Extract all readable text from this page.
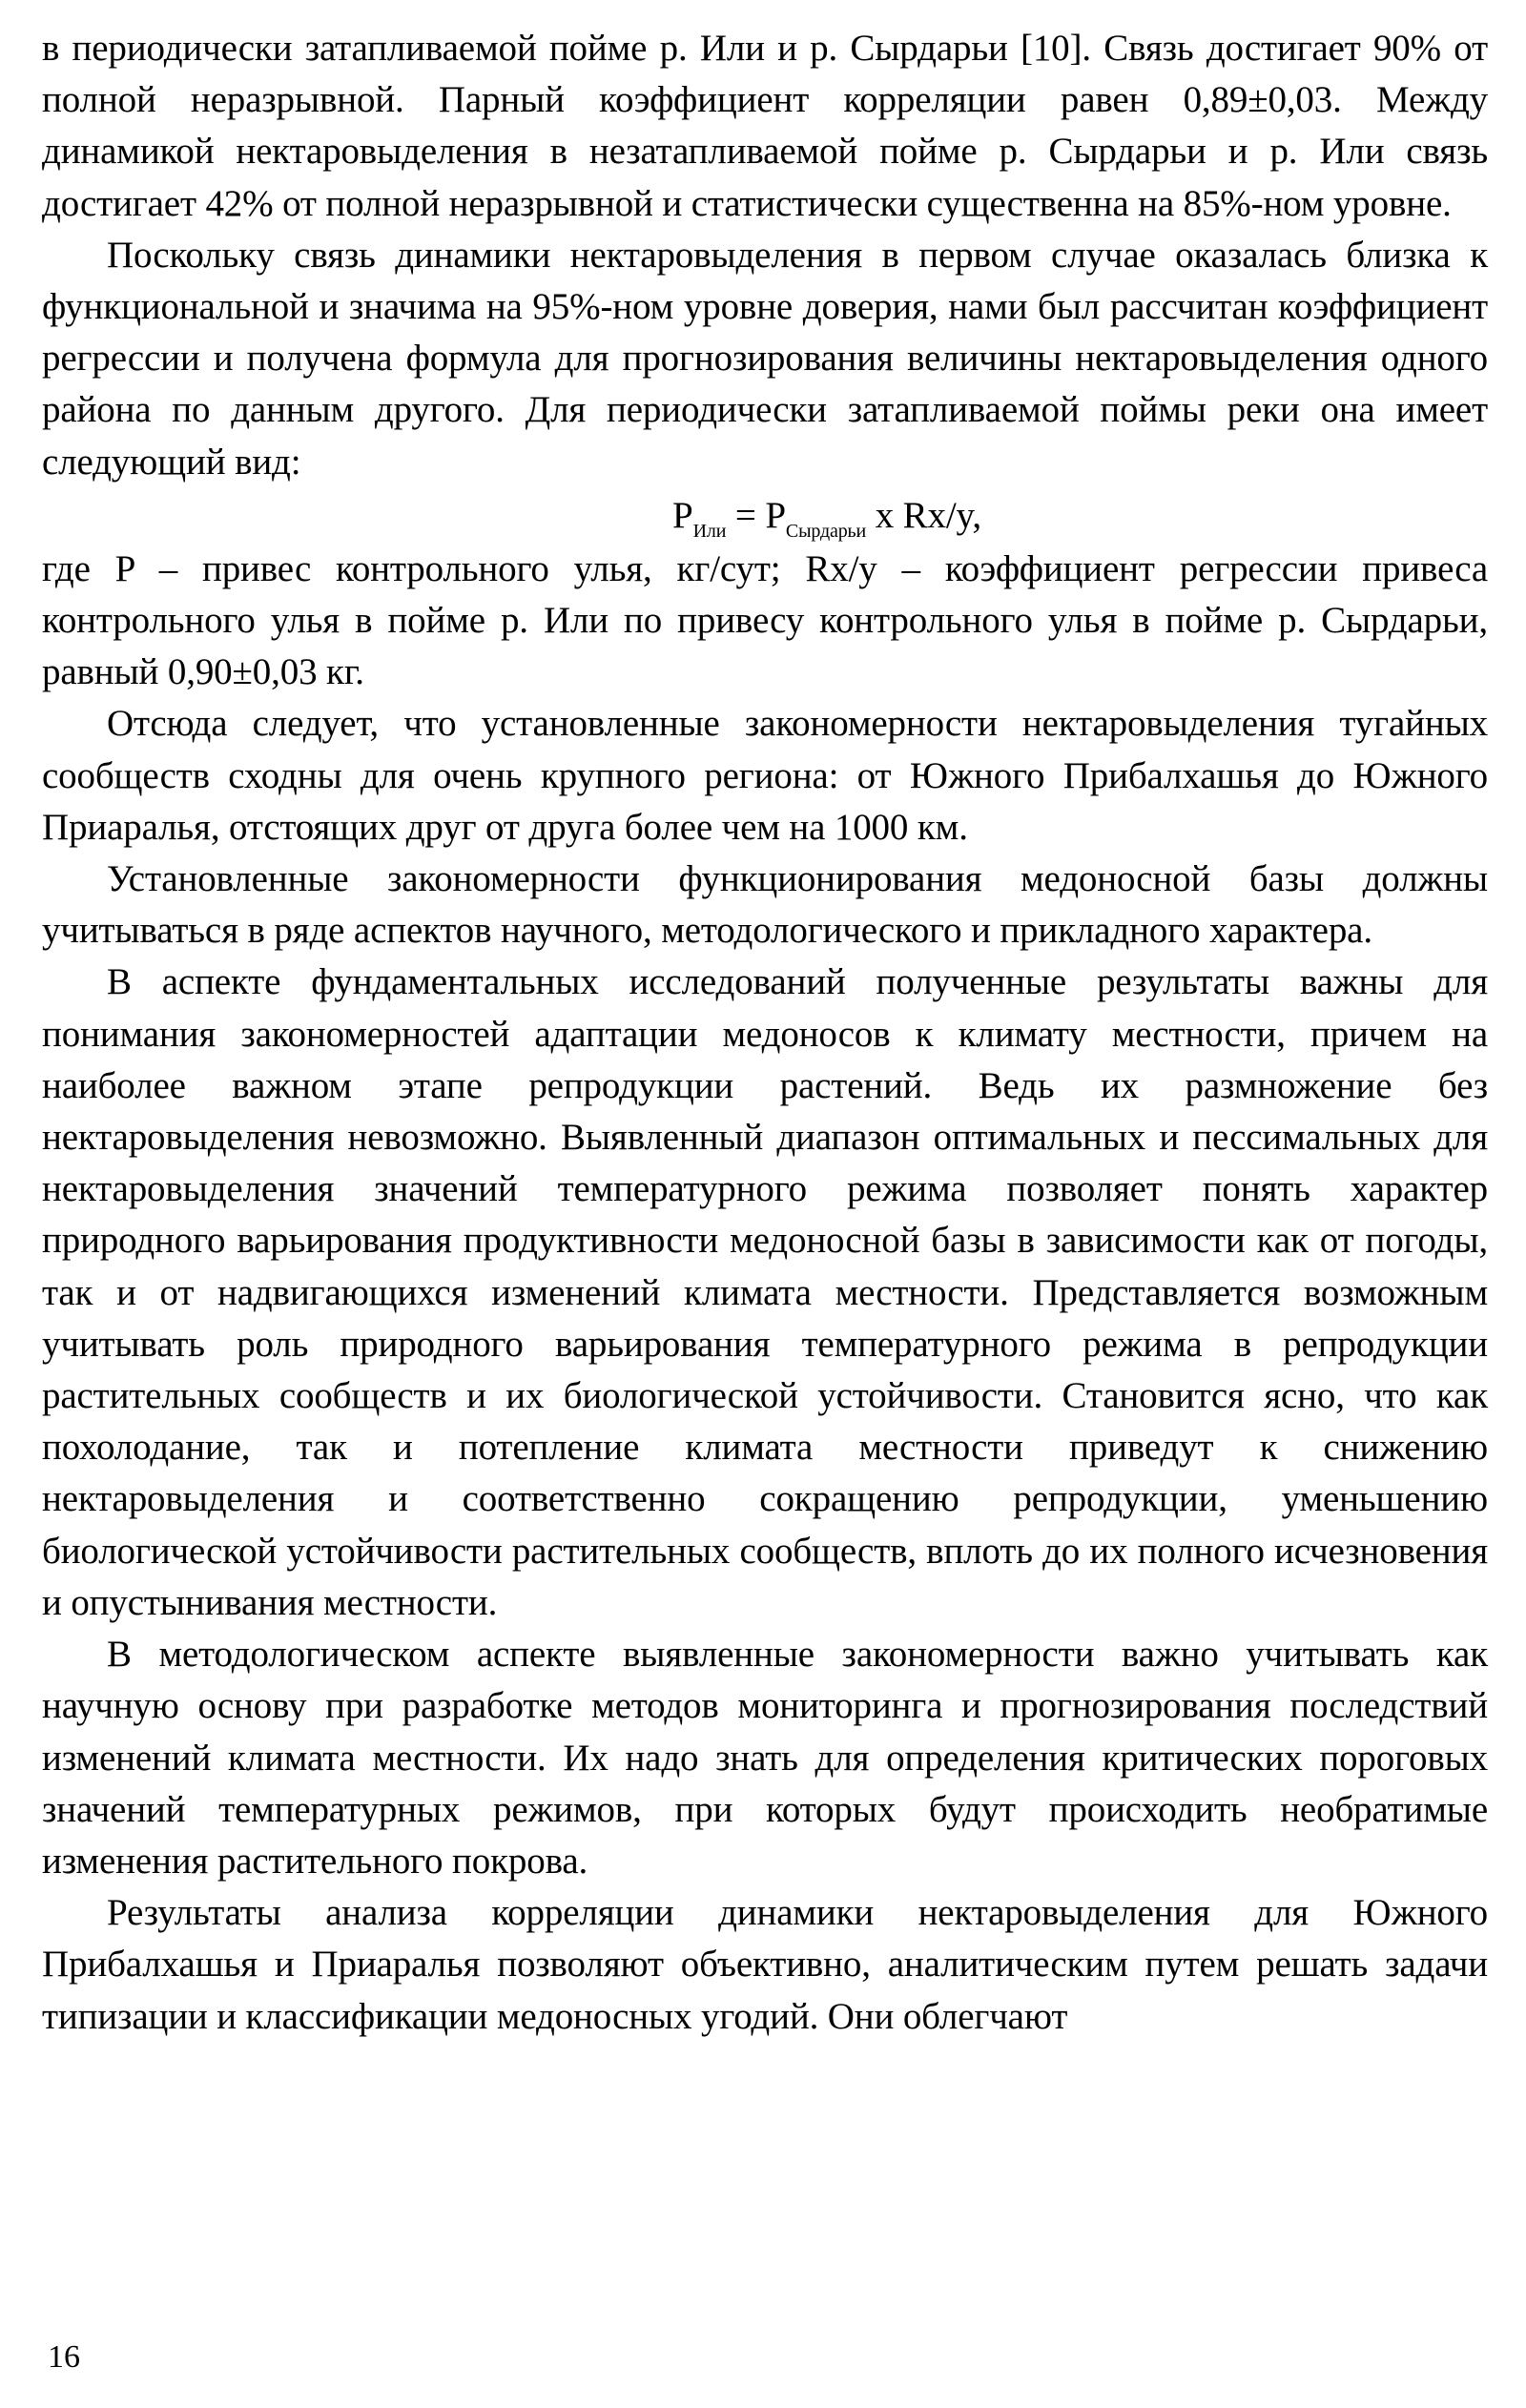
в периодически затапливаемой пойме р. Или и р. Сырдарьи [10]. Связь достигает 90% от полной неразрывной. Парный коэффициент корреляции равен 0,89±0,03. Между динамикой нектаровыделения в незатапливаемой пойме р. Сырдарьи и р. Или связь достигает 42% от полной неразрывной и статистически существенна на 85%-ном уровне.

Поскольку связь динамики нектаровыделения в первом случае оказалась близка к функциональной и значима на 95%-ном уровне доверия, нами был рассчитан коэффициент регрессии и получена формула для прогнозирования величины нектаровыделения одного района по данным другого. Для периодически затапливаемой поймы реки она имеет следующий вид:

$P_{Или} = P_{Сырдарьи}$ x Rx/y,

где P – привес контрольного улья, кг/сут; Rx/y – коэффициент регрессии привеса контрольного улья в пойме р. Или по привесу контрольного улья в пойме р. Сырдарьи, равный 0,90±0,03 кг.

Отсюда следует, что установленные закономерности нектаровыделения тугайных сообществ сходны для очень крупного региона: от Южного Прибалхашья до Южного Приаралья, отстоящих друг от друга более чем на 1000 км.

Установленные закономерности функционирования медоносной базы должны учитываться в ряде аспектов научного, методологического и прикладного характера.

В аспекте фундаментальных исследований полученные результаты важны для понимания закономерностей адаптации медоносов к климату местности, причем на наиболее важном этапе репродукции растений. Ведь их размножение без нектаровыделения невозможно. Выявленный диапазон оптимальных и пессимальных для нектаровыделения значений температурного режима позволяет понять характер природного варьирования продуктивности медоносной базы в зависимости как от погоды, так и от надвигающихся изменений климата местности. Представляется возможным учитывать роль природного варьирования температурного режима в репродукции растительных сообществ и их биологической устойчивости. Становится ясно, что как похолодание, так и потепление климата местности приведут к снижению нектаровыделения и соответственно сокращению репродукции, уменьшению биологической устойчивости растительных сообществ, вплоть до их полного исчезновения и опустынивания местности.

В методологическом аспекте выявленные закономерности важно учитывать как научную основу при разработке методов мониторинга и прогнозирования последствий изменений климата местности. Их надо знать для определения критических пороговых значений температурных режимов, при которых будут происходить необратимые изменения растительного покрова.

Результаты анализа корреляции динамики нектаровыделения для Южного Прибалхашья и Приаралья позволяют объективно, аналитическим путем решать задачи типизации и классификации медоносных угодий. Они облегчают

16
